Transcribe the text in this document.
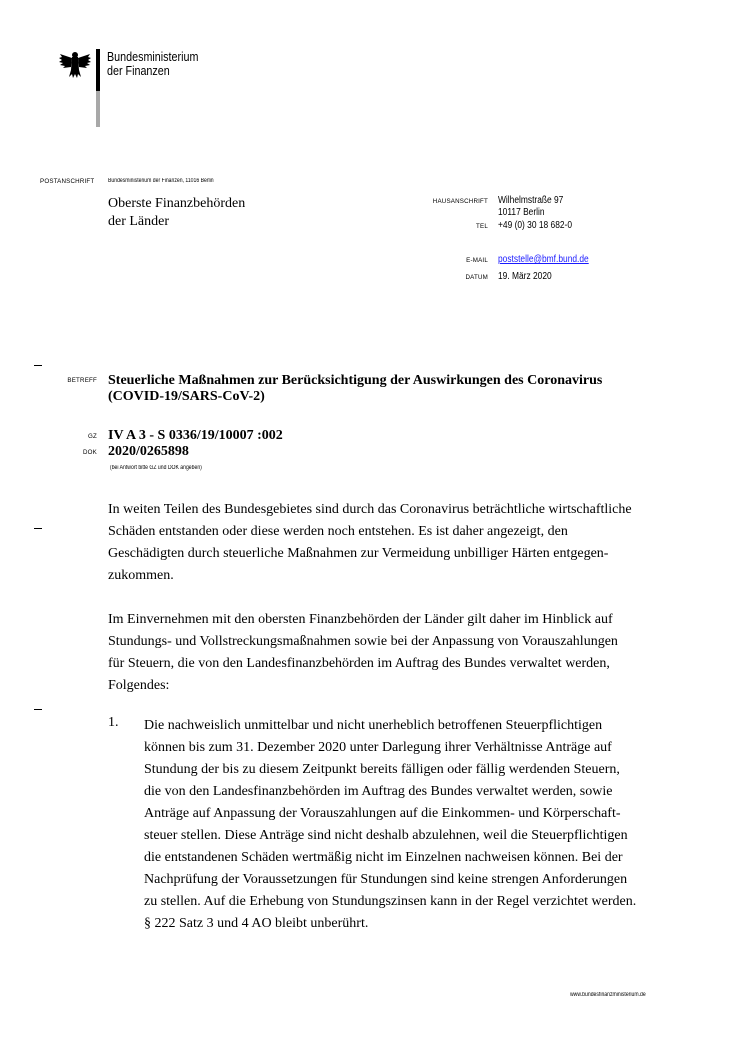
Bundesministerium
der Finanzen
POSTANSCHRIFT Bundesministerium der Finanzen, 11016 Berlin
Oberste Finanzbehörden
der Länder
HAUSANSCHRIFT Wilhelmstraße 97
10117 Berlin
TEL +49 (0) 30 18 682-0
E-MAIL poststelle@bmf.bund.de
DATUM 19. März 2020
BETREFF Steuerliche Maßnahmen zur Berücksichtigung der Auswirkungen des Coronavirus
(COVID-19/SARS-CoV-2)
GZ IV A 3 - S 0336/19/10007 :002
DOK 2020/0265898
(bei Antwort bitte GZ und DOK angeben)
In weiten Teilen des Bundesgebietes sind durch das Coronavirus beträchtliche wirtschaftliche
Schäden entstanden oder diese werden noch entstehen. Es ist daher angezeigt, den
Geschädigten durch steuerliche Maßnahmen zur Vermeidung unbilliger Härten entgegen-
zukommen.
Im Einvernehmen mit den obersten Finanzbehörden der Länder gilt daher im Hinblick auf
Stundungs- und Vollstreckungsmaßnahmen sowie bei der Anpassung von Vorauszahlungen
für Steuern, die von den Landesfinanzbehörden im Auftrag des Bundes verwaltet werden,
Folgendes:
1. Die nachweislich unmittelbar und nicht unerheblich betroffenen Steuerpflichtigen
können bis zum 31. Dezember 2020 unter Darlegung ihrer Verhältnisse Anträge auf
Stundung der bis zu diesem Zeitpunkt bereits fälligen oder fällig werdenden Steuern,
die von den Landesfinanzbehörden im Auftrag des Bundes verwaltet werden, sowie
Anträge auf Anpassung der Vorauszahlungen auf die Einkommen- und Körperschaft-
steuer stellen. Diese Anträge sind nicht deshalb abzulehnen, weil die Steuerpflichtigen
die entstandenen Schäden wertmäßig nicht im Einzelnen nachweisen können. Bei der
Nachprüfung der Voraussetzungen für Stundungen sind keine strengen Anforderungen
zu stellen. Auf die Erhebung von Stundungszinsen kann in der Regel verzichtet werden.
§ 222 Satz 3 und 4 AO bleibt unberührt.
www.bundesfinanzministerium.de
